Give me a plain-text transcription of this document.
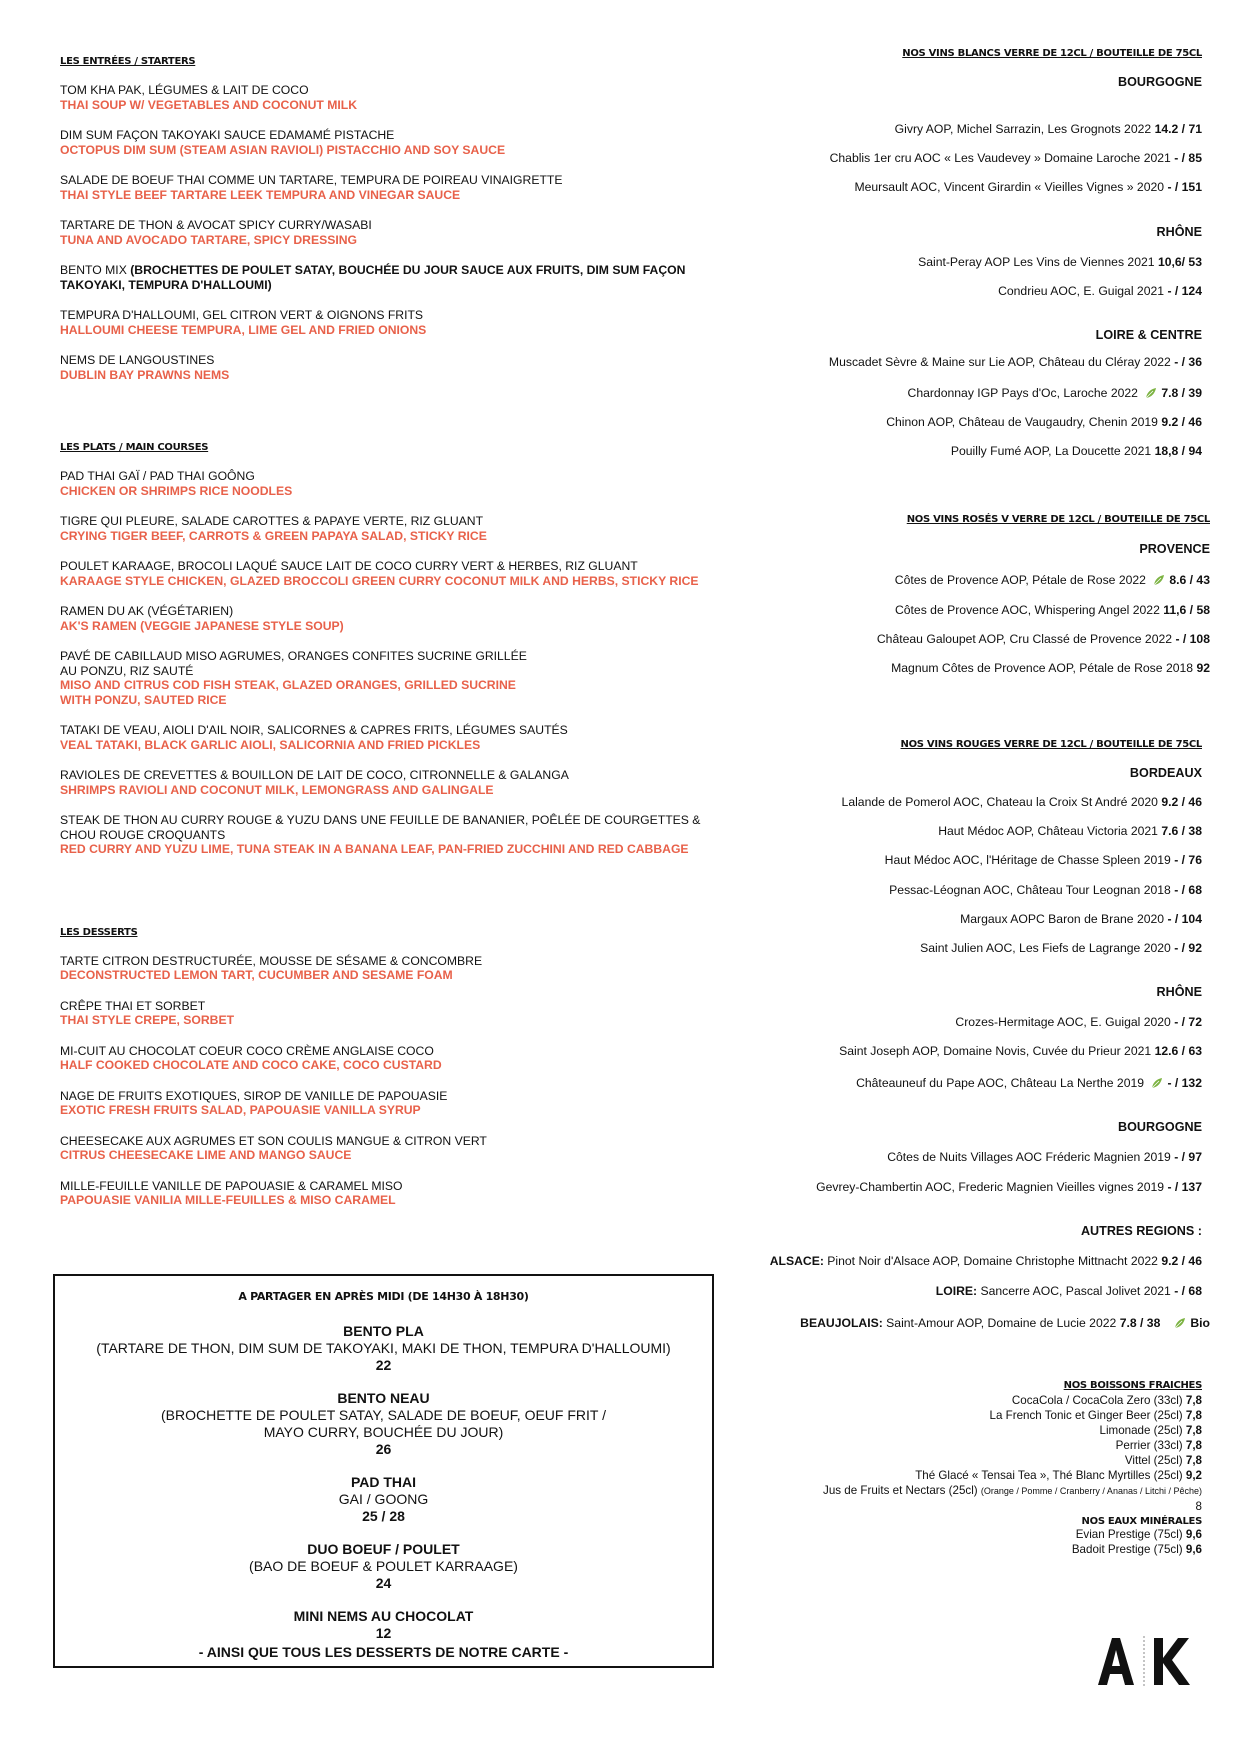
LES ENTRÉES / STARTERS

TOM KHA PAK, LÉGUMES & LAIT DE COCO
THAI SOUP W/ VEGETABLES AND COCONUT MILK
DIM SUM FAÇON TAKOYAKI SAUCE EDAMAMÉ PISTACHE
OCTOPUS DIM SUM (STEAM ASIAN RAVIOLI) PISTACCHIO AND SOY SAUCE
SALADE DE BOEUF THAI COMME UN TARTARE, TEMPURA DE POIREAU VINAIGRETTE
THAI STYLE BEEF TARTARE LEEK TEMPURA AND VINEGAR SAUCE
TARTARE DE THON & AVOCAT SPICY CURRY/WASABI
TUNA AND AVOCADO TARTARE, SPICY DRESSING
BENTO MIX (BROCHETTES DE POULET SATAY, BOUCHÉE DU JOUR SAUCE AUX FRUITS, DIM SUM FAÇON TAKOYAKI, TEMPURA D'HALLOUMI)
TEMPURA D'HALLOUMI, GEL CITRON VERT & OIGNONS FRITS
HALLOUMI CHEESE TEMPURA, LIME GEL AND FRIED ONIONS
NEMS DE LANGOUSTINES
DUBLIN BAY PRAWNS NEMS

LES PLATS / MAIN COURSES

PAD THAI GAÏ / PAD THAI GOÔNG
CHICKEN OR SHRIMPS RICE NOODLES
TIGRE QUI PLEURE, SALADE CAROTTES & PAPAYE VERTE, RIZ GLUANT
CRYING TIGER BEEF, CARROTS & GREEN PAPAYA SALAD, STICKY RICE
POULET KARAAGE, BROCOLI LAQUÉ SAUCE LAIT DE COCO CURRY VERT & HERBES, RIZ GLUANT
KARAAGE STYLE CHICKEN, GLAZED BROCCOLI GREEN CURRY COCONUT MILK AND HERBS, STICKY RICE
RAMEN DU AK (VÉGÉTARIEN)
AK'S RAMEN (VEGGIE JAPANESE STYLE SOUP)
PAVÉ DE CABILLAUD MISO AGRUMES, ORANGES CONFITES SUCRINE GRILLÉE AU PONZU, RIZ SAUTÉ
MISO AND CITRUS COD FISH STEAK, GLAZED ORANGES, GRILLED SUCRINE WITH PONZU, SAUTED RICE
TATAKI DE VEAU, AIOLI D'AIL NOIR, SALICORNES & CAPRES FRITS, LÉGUMES SAUTÉS
VEAL TATAKI, BLACK GARLIC AIOLI, SALICORNIA AND FRIED PICKLES
RAVIOLES DE CREVETTES & BOUILLON DE LAIT DE COCO, CITRONNELLE & GALANGA
SHRIMPS RAVIOLI AND COCONUT MILK, LEMONGRASS AND GALINGALE
STEAK DE THON AU CURRY ROUGE & YUZU DANS UNE FEUILLE DE BANANIER, POÊLÉE DE COURGETTES & CHOU ROUGE CROQUANTS
RED CURRY AND YUZU LIME, TUNA STEAK IN A BANANA LEAF, PAN-FRIED ZUCCHINI AND RED CABBAGE

LES DESSERTS

TARTE CITRON DESTRUCTURÉE, MOUSSE DE SÉSAME & CONCOMBRE
DECONSTRUCTED LEMON TART, CUCUMBER AND SESAME FOAM
CRÊPE THAI ET SORBET
THAI STYLE CREPE, SORBET
MI-CUIT AU CHOCOLAT COEUR COCO CRÈME ANGLAISE COCO
HALF COOKED CHOCOLATE AND COCO CAKE, COCO CUSTARD
NAGE DE FRUITS EXOTIQUES, SIROP DE VANILLE DE PAPOUASIE
EXOTIC FRESH FRUITS SALAD, PAPOUASIE VANILLA SYRUP
CHEESECAKE AUX AGRUMES ET SON COULIS MANGUE & CITRON VERT
CITRUS CHEESECAKE LIME AND MANGO SAUCE
MILLE-FEUILLE VANILLE DE PAPOUASIE & CARAMEL MISO
PAPOUASIE VANILIA MILLE-FEUILLES & MISO CARAMEL
A PARTAGER EN APRÈS MIDI (DE 14H30 À 18H30)
BENTO PLA
(TARTARE DE THON, DIM SUM DE TAKOYAKI, MAKI DE THON, TEMPURA D'HALLOUMI)
22
BENTO NEAU
(BROCHETTE DE POULET SATAY, SALADE DE BOEUF, OEUF FRIT / MAYO CURRY, BOUCHÉE DU JOUR)
26
PAD THAI
GAI / GOONG
25 / 28
DUO BOEUF / POULET
(BAO DE BOEUF & POULET KARRAAGE)
24
MINI NEMS AU CHOCOLAT
12
- AINSI QUE TOUS LES DESSERTS DE NOTRE CARTE -

NOS VINS BLANCS VERRE DE 12CL / BOUTEILLE DE 75CL

BOURGOGNE

Givry AOP, Michel Sarrazin, Les Grognots 2022 14.2 / 71
Chablis 1er cru AOC « Les Vaudevey » Domaine Laroche 2021 - / 85
Meursault AOC, Vincent Girardin « Vieilles Vignes » 2020 - / 151

RHÔNE

Saint-Peray AOP Les Vins de Viennes 2021 10,6/ 53
Condrieu AOC, E. Guigal 2021 - / 124

LOIRE & CENTRE

Muscadet Sèvre & Maine sur Lie AOP, Château du Cléray 2022 - / 36
Chardonnay IGP Pays d'Oc, Laroche 2022 7.8 / 39
Chinon AOP, Château de Vaugaudry, Chenin 2019 9.2 / 46
Pouilly Fumé AOP, La Doucette 2021 18,8 / 94

NOS VINS ROSÉS V VERRE DE 12CL / BOUTEILLE DE 75CL

PROVENCE

Côtes de Provence AOP, Pétale de Rose 2022 8.6 / 43
Côtes de Provence AOC, Whispering Angel 2022 11,6 / 58
Château Galoupet AOP, Cru Classé de Provence 2022 - / 108
Magnum Côtes de Provence AOP, Pétale de Rose 2018 92

NOS VINS ROUGES VERRE DE 12CL / BOUTEILLE DE 75CL

BORDEAUX

Lalande de Pomerol AOC, Chateau la Croix St André 2020 9.2 / 46
Haut Médoc AOP, Château Victoria 2021 7.6 / 38
Haut Médoc AOC, l'Héritage de Chasse Spleen 2019 - / 76
Pessac-Léognan AOC, Château Tour Leognan 2018 - / 68
Margaux AOPC Baron de Brane 2020 - / 104
Saint Julien AOC, Les Fiefs de Lagrange 2020 - / 92

RHÔNE

Crozes-Hermitage AOC, E. Guigal 2020 - / 72
Saint Joseph AOP, Domaine Novis, Cuvée du Prieur 2021 12.6 / 63
Châteauneuf du Pape AOC, Château La Nerthe 2019 - / 132

BOURGOGNE

Côtes de Nuits Villages AOC Fréderic Magnien 2019 - / 97
Gevrey-Chambertin AOC, Frederic Magnien Vieilles vignes 2019 - / 137

AUTRES REGIONS :

ALSACE: Pinot Noir d'Alsace AOP, Domaine Christophe Mittnacht 2022 9.2 / 46
LOIRE: Sancerre AOC, Pascal Jolivet 2021 - / 68
BEAUJOLAIS: Saint-Amour AOP, Domaine de Lucie 2022 7.8 / 38 Bio

NOS BOISSONS FRAICHES

CocaCola / CocaCola Zero (33cl) 7,8
La French Tonic et Ginger Beer (25cl) 7,8
Limonade (25cl) 7,8
Perrier (33cl) 7,8
Vittel (25cl) 7,8
Thé Glacé « Tensai Tea », Thé Blanc Myrtilles (25cl) 9,2
Jus de Fruits et Nectars (25cl) (Orange / Pomme / Cranberry / Ananas / Litchi / Pêche)
8

NOS EAUX MINÉRALES

Evian Prestige (75cl) 9,6
Badoit Prestige (75cl) 9,6
